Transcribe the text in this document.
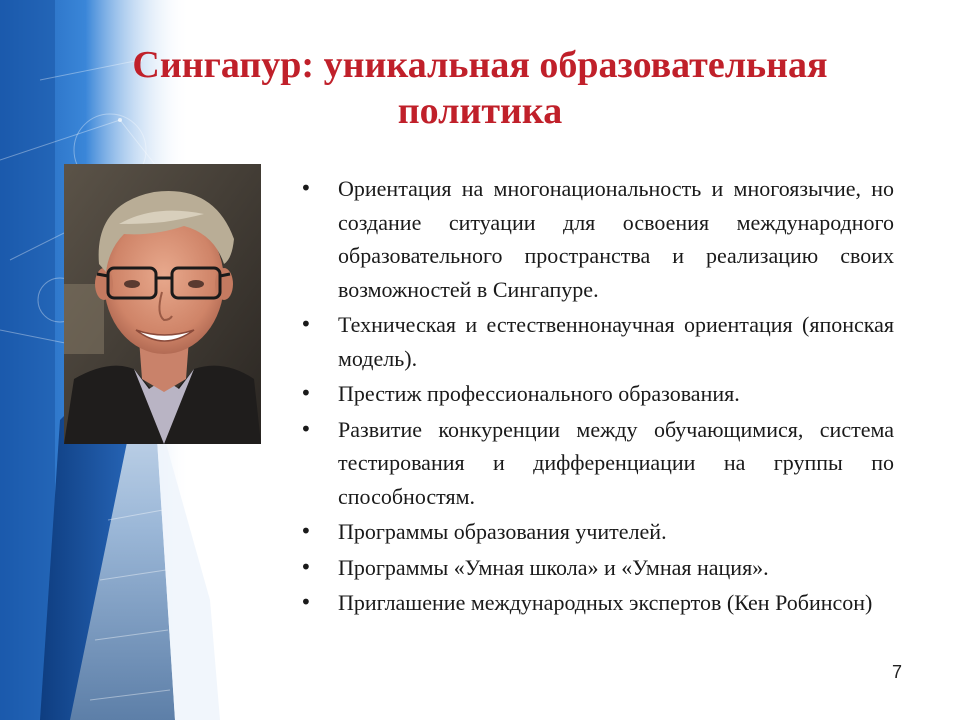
Сингапур: уникальная образовательная политика
• Ориентация на многонациональность и многоязычие, но создание ситуации для освоения международного образовательного пространства и реализацию своих возможностей в Сингапуре.
• Техническая и естественнонаучная ориентация (японская модель).
• Престиж профессионального образования.
• Развитие конкуренции между обучающимися, система тестирования и дифференциации на группы по способностям.
• Программы образования учителей.
• Программы «Умная школа» и «Умная нация».
• Приглашение международных экспертов (Кен Робинсон)
7
